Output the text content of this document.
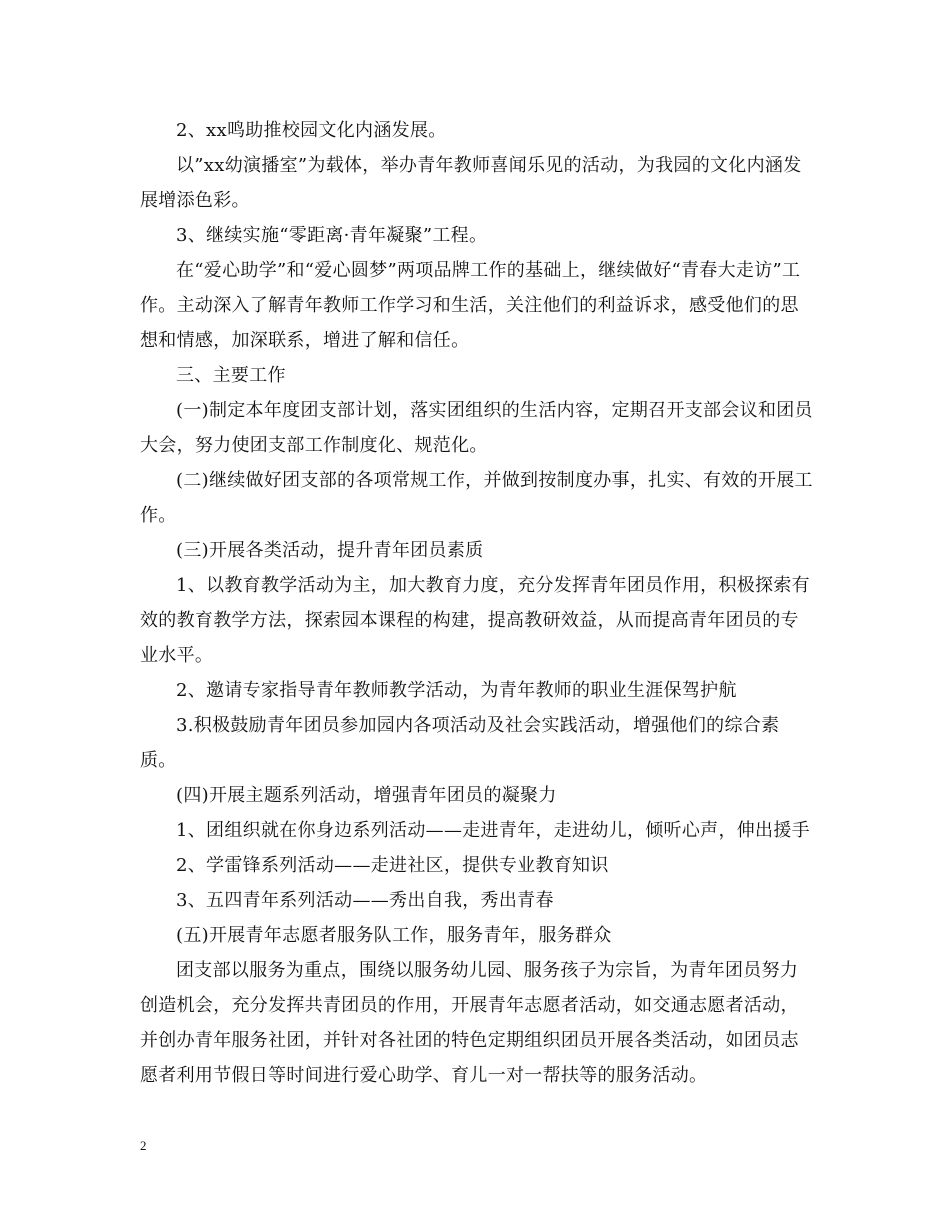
2、xx鸣助推校园文化内涵发展。

以”xx幼演播室”为载体，举办青年教师喜闻乐见的活动，为我园的文化内涵发展增添色彩。

3、继续实施“零距离·青年凝聚”工程。

在“爱心助学”和“爱心圆梦”两项品牌工作的基础上，继续做好“青春大走访”工作。主动深入了解青年教师工作学习和生活，关注他们的利益诉求，感受他们的思想和情感，加深联系，增进了解和信任。

三、主要工作

(一)制定本年度团支部计划，落实团组织的生活内容，定期召开支部会议和团员大会，努力使团支部工作制度化、规范化。

(二)继续做好团支部的各项常规工作，并做到按制度办事，扎实、有效的开展工作。

(三)开展各类活动，提升青年团员素质

1、以教育教学活动为主，加大教育力度，充分发挥青年团员作用，积极探索有效的教育教学方法，探索园本课程的构建，提高教研效益，从而提高青年团员的专业水平。

2、邀请专家指导青年教师教学活动，为青年教师的职业生涯保驾护航

3.积极鼓励青年团员参加园内各项活动及社会实践活动，增强他们的综合素质。

(四)开展主题系列活动，增强青年团员的凝聚力

1、团组织就在你身边系列活动——走进青年，走进幼儿，倾听心声，伸出援手

2、学雷锋系列活动——走进社区，提供专业教育知识

3、五四青年系列活动——秀出自我，秀出青春

(五)开展青年志愿者服务队工作，服务青年，服务群众

团支部以服务为重点，围绕以服务幼儿园、服务孩子为宗旨，为青年团员努力创造机会，充分发挥共青团员的作用，开展青年志愿者活动，如交通志愿者活动，并创办青年服务社团，并针对各社团的特色定期组织团员开展各类活动，如团员志愿者利用节假日等时间进行爱心助学、育儿一对一帮扶等的服务活动。

2
